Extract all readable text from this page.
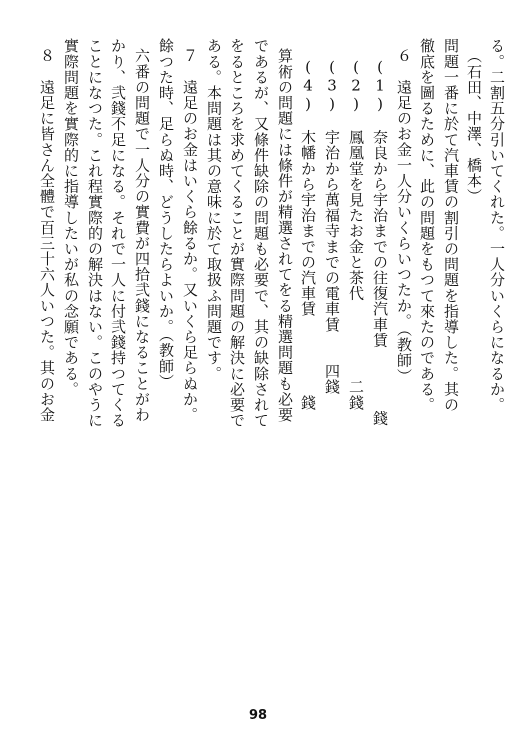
る。二割五分引いてくれた。一人分いくらになるか。
（石田、中澤、橋本）
問題一番に於て汽車賃の割引の問題を指導した。其の
徹底を圖るために、此の問題をもつて來たのである。
６　遠足のお金一人分いくらいつたか。（教師）
(1)　奈良から宇治までの往復汽車賃　　　　錢
(2)　鳳凰堂を見たお金と茶代　　　　　二錢
(3)　宇治から萬福寺までの電車賃　　四錢
(4)　木幡から宇治までの汽車賃　　　　　錢
算術の問題には條件が精選されてをる精選問題も必要
であるが、又條件缺除の問題も必要で、其の缺除されて
をるところを求めてくることが實際問題の解決に必要で
ある。本問題は其の意味に於て取扱ふ問題です。
７　遠足のお金はいくら餘るか。又いくら足らぬか。
餘つた時、足らぬ時、どうしたらよいか。（教師）
六番の問題で一人分の實費が四拾弐錢になることがわ
かり、弐錢不足になる。それで一人に付弐錢持つてくる
ことになつた。これ程實際的の解決はない。このやうに
實際問題を實際的に指導したいが私の念願である。
８　遠足に皆さん全體で百三十六人いつた。其のお金
98
